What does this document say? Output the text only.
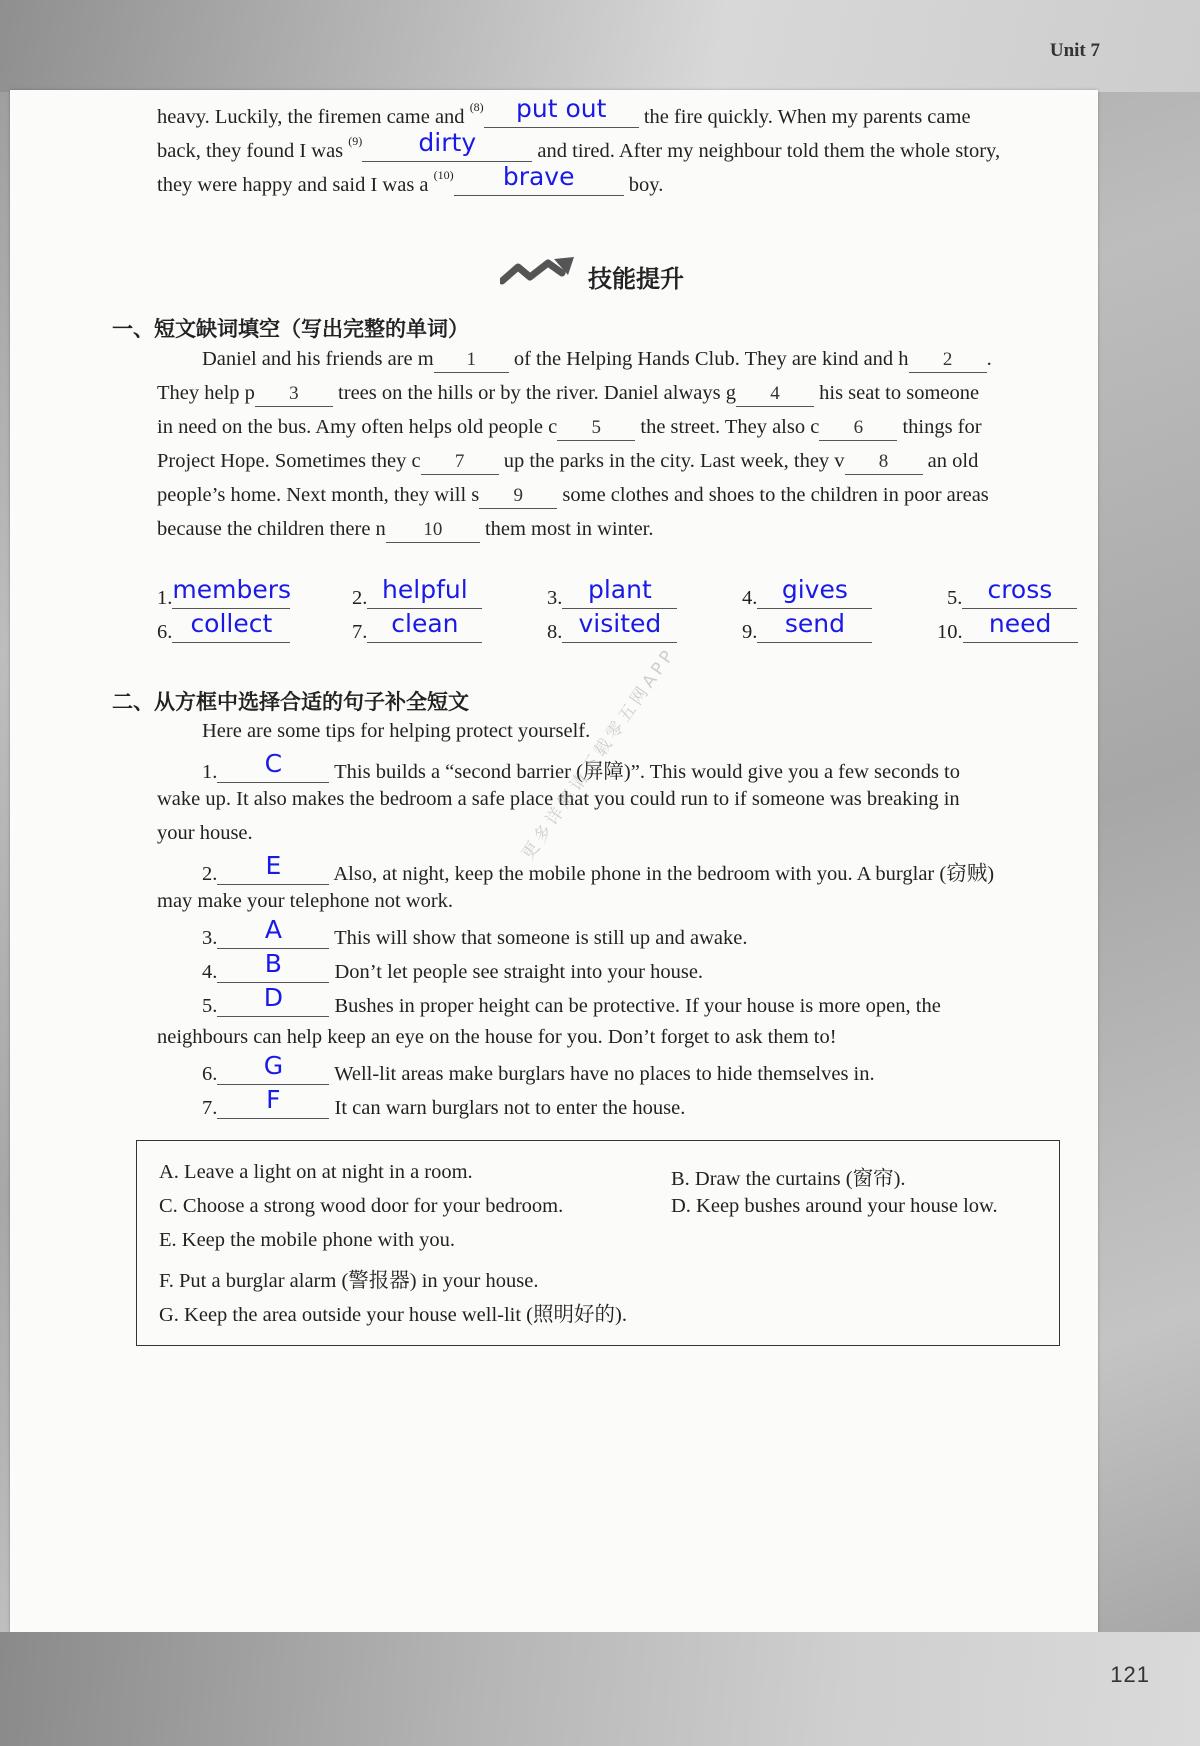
Unit 7
heavy. Luckily, the firemen came and $^{(8)}$ put out the fire quickly. When my parents came
back, they found I was $^{(9)}$ dirty	and tired. After my neighbour told them the whole story,
they were happy and said I was a $^{(10)}$ brave boy.
技能提升
一、短文缺词填空（写出完整的单词）
Daniel and his friends are m 1 of the Helping Hands Club. They are kind and h 2 .
They help p 3 trees on the hills or by the river. Daniel always g 4 his seat to someone
in need on the bus. Amy often helps old people c 5 the street. They also c 6 things for
Project Hope. Sometimes they c 7 up the parks in the city. Last week, they v 8 an old
people’s home. Next month, they will s 9 some clothes and shoes to the children in poor areas
because the children there n 10 them most in winter.
1.members	2. helpful	3. plant	4. gives	5. cross
6. collect	7. clean	8. visited	9. send	10. need
二、从方框中选择合适的句子补全短文
Here are some tips for helping protect yourself.
1. C	This builds a “second barrier (屏障)”. This would give you a few seconds to
wake up. It also makes the bedroom a safe place that you could run to if someone was breaking in
your house.
2. E	Also, at night, keep the mobile phone in the bedroom with you. A burglar (窃贼)
may make your telephone not work.
3. A	This will show that someone is still up and awake.
4. B	Don’t let people see straight into your house.
5. D	Bushes in proper height can be protective. If your house is more open, the
neighbours can help keep an eye on the house for you. Don’t forget to ask them to!
6. G Well-lit areas make burglars have no places to hide themselves in.
7. F	It can warn burglars not to enter the house.
A. Leave a light on at night in a room.	B. Draw the curtains (窗帘).
C. Choose a strong wood door for your bedroom.	D. Keep bushes around your house low.
E. Keep the mobile phone with you.
F. Put a burglar alarm (警报器) in your house.
G. Keep the area outside your house well-lit (照明好的).
更多详解请下载零五网APP
121
